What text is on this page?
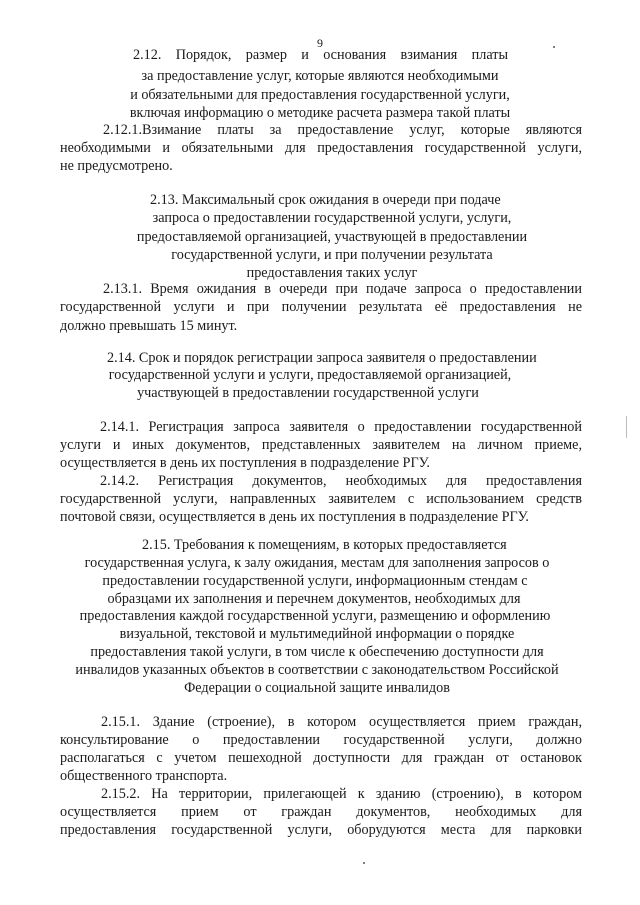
9
2.12. Порядок, размер и основания взимания платы
за предоставление услуг, которые являются необходимыми
и обязательными для предоставления государственной услуги,
включая информацию о методике расчета размера такой платы
2.12.1.Взимание платы за предоставление услуг, которые являются
необходимыми и обязательными для предоставления государственной услуги,
не предусмотрено.
2.13. Максимальный срок ожидания в очереди при подаче
запроса о предоставлении государственной услуги, услуги,
предоставляемой организацией, участвующей в предоставлении
государственной услуги, и при получении результата
предоставления таких услуг
2.13.1. Время ожидания в очереди при подаче запроса о предоставлении
государственной услуги и при получении результата её предоставления не
должно превышать 15 минут.
2.14. Срок и порядок регистрации запроса заявителя о предоставлении
государственной услуги и услуги, предоставляемой организацией,
участвующей в предоставлении государственной услуги
2.14.1. Регистрация запроса заявителя о предоставлении государственной
услуги и иных документов, представленных заявителем на личном приеме,
осуществляется в день их поступления в подразделение РГУ.
2.14.2. Регистрация документов, необходимых для предоставления
государственной услуги, направленных заявителем с использованием средств
почтовой связи, осуществляется в день их поступления в подразделение РГУ.
2.15. Требования к помещениям, в которых предоставляется
государственная услуга, к залу ожидания, местам для заполнения запросов о
предоставлении государственной услуги, информационным стендам с
образцами их заполнения и перечнем документов, необходимых для
предоставления каждой государственной услуги, размещению и оформлению
визуальной, текстовой и мультимедийной информации о порядке
предоставления такой услуги, в том числе к обеспечению доступности для
инвалидов указанных объектов в соответствии с законодательством Российской
Федерации о социальной защите инвалидов
2.15.1. Здание (строение), в котором осуществляется прием граждан,
консультирование о предоставлении государственной услуги, должно
располагаться с учетом пешеходной доступности для граждан от остановок
общественного транспорта.
2.15.2. На территории, прилегающей к зданию (строению), в котором
осуществляется прием от граждан документов, необходимых для
предоставления государственной услуги, оборудуются места для парковки
